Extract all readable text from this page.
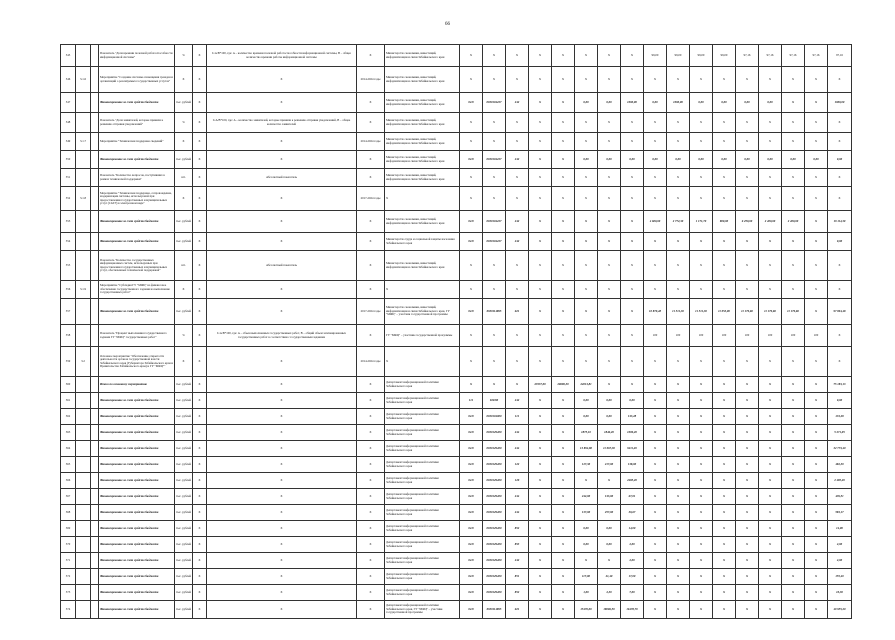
66
545			Показатель "Доля времени полезной работоспособности информационной системы"	%	X	I=A/B*100, где: A – количество времени полезной работоспособности информационной системы, B – общее количество времени работы информационной системы	X	Министерство экономики, инвестиций, информатизации и связи Забайкальского края	X	X	X	X	X	X	X	X	99,00	99,00	99,00	99,00	97,16	97,16	97,16	97,16	97,16
546	3.1.6		Мероприятие "Создание системы оповещения граждан и организаций о реализуемых государственных услугах"	X	X	X	2014-2024 годы	Министерство экономики, инвестиций, информатизации и связи Забайкальского края	X	X	X	X	X	X	X	X	X	X	X	X	X	X	X	X	X
547			Финансирование за счет средств бюджета	тыс. рублей	X	X	X	Министерство экономики, инвестиций, информатизации и связи Забайкальского края	04/0	0930104227	242	X	X	0,00	0,00	1000,00	0,00	1000,00	0,00	0,00	0,00	0,00	X	X	1000,00
548			Показатель "Доля заявителей, которые приняли к решению отправки уведомлений"	%	X	I=A/B*100, где: A – количество заявителей, которые приняли к решению отправки уведомлений, B – общее количество заявителей	X	Министерство экономики, инвестиций, информатизации и связи Забайкальского края	X	X	X	X	X	X	X	X	X	X	X	X	X	X	X	X	X
549	3.1.7		Мероприятие "Техническая поддержка сведений"	X	X	X	2014-2024 годы	Министерство экономики, инвестиций, информатизации и связи Забайкальского края	X	X	X	X	X	X	X	X	X	X	X	X	X	X	X	X	X
550			Финансирование за счет средств бюджета	тыс. рублей	X	X	X	Министерство экономики, инвестиций, информатизации и связи Забайкальского края	04/0	0930104227	242	X	X	0,00	0,00	0,00	0,00	0,00	0,00	0,00	0,00	0,00	0,00	0,00	0,00
551			Показатель "Количество вопросов, поступивших в рамках технической поддержки"	шт.	X	Абсолютный показатель	X	Министерство экономики, инвестиций, информатизации и связи Забайкальского края	X	X	X	X	X	X	X	X	X	X	X	X	X	X	X	X	X
552	3.1.8		Мероприятие "Техническая поддержка, сопровождение, модернизация системы, используемой при предоставлении государственных и муниципальных услуг (САТЭ) в электронном виде"	X	X	X	2017-2024 годы	X	X	X	X	X	X	X	X	X	X	X	X	X	X	X	X	X	X
553			Финансирование за счет средств бюджета	тыс. рублей	X	X	X	Министерство экономики, инвестиций, информатизации и связи Забайкальского края	04/0	0930104227	242	X	X	X	X	X	4 600,00	2 772,30	1 171,70	800,00	6 250,00	2 400,00	2 400,00	X	19 114,30
554			Финансирование за счет средств бюджета	тыс. рублей	X	X	X	Министерство труда и социальной защиты населения Забайкальского края	04/0	0930104227	242	X	X	X	X	X	X	X	X	X	X	X	X	X	0,00
555			Показатель "Количество государственных информационных систем, используемых при предоставлении государственных и муниципальных услуг, обеспеченных технической поддержкой"	шт.	X	Абсолютный показатель	X	Министерство экономики, инвестиций, информатизации и связи Забайкальского края	X	X	X	X	X	X	X	X	X	X	X	X	X	X	X	X	X
556	3.1.9		Мероприятие "Субсидия ГУ "МФЦ" на финансовое обеспечение государственного задания на выполнение государственных работ"	X	X	X	X	X	X	X	X	X	X	X	X	X	X	X	X	X	X	X	X	X	X
557			Финансирование за счет средств бюджета	тыс. рублей	X	X	2017-2024 годы	Министерство экономики, инвестиций, информатизации и связи Забайкальского края, ГУ "МФЦ" – участник государственной программы	04/0	0930114895	621	X	X	X	X	X	10 870,48	11 511,30	11 511,30	11 053,00	11 179,60	11 179,60	11 179,60	X	97 894,48
558			Показатель "Процент выполнения государственного задания ГУ "МФЦ" государственных работ"	%	X	I=A/B*100, где: A – объем выполненных государственных работ, B – общий объем запланированных государственных работ в соответствии с государственным заданием	X	ГУ "МФЦ" – участник государственной программы	X	X	X	X	X	X	X	X	100	100	100	100	100	100	100	100	X
559	3.2		Основное мероприятие "Обеспечение открытости деятельности органов государственной власти Забайкальского края (Губернатора Забайкальского края и Правительства Забайкальского края) и ГУ "МФЦ""	X	X	X	2014-2024 годы	X	X	X	X	X	X	X	X	X	X	X	X	X	X	X	X	X	X
560			Итого по основному мероприятию	тыс. рублей	X	X	X	Департамент информационной политики Забайкальского края	X	X	X	23537,00	20690,30	24013,81	X	X	X	X	X	X	X	X	X	X	75 183,13
561			Финансирование за счет средств бюджета	тыс. рублей	X	X	X	Департамент информационной политики Забайкальского края	111	920/00	242	X	X	0,00	0,00	0,00	X	X	X	X	X	X	X	X	0,00
562			Финансирование за счет средств бюджета	тыс. рублей	X	X	X	Департамент информационной политики Забайкальского края	04/0	0930104000	111	X	X	0,00	0,00	133,28	X	X	X	X	X	X	X	X	133,28
563			Финансирование за счет средств бюджета	тыс. рублей	X	X	X	Департамент информационной политики Забайкальского края	04/0	0930129400	244	X	X	1875,10	1846,20	1009,20	X	X	X	X	X	X	X	X	5 271,05
564			Финансирование за счет средств бюджета	тыс. рублей	X	X	X	Департамент информационной политики Забайкальского края	04/0	0930129400	244	X	X	13 894,80	11 067,30	9211,20	X	X	X	X	X	X	X	X	32 773,40
565			Финансирование за счет средств бюджета	тыс. рублей	X	X	X	Департамент информационной политики Забайкальского края	04/0	0930129400	122	X	X	127,30	217,00	138,00	X	X	X	X	X	X	X	X	482,30
566			Финансирование за счет средств бюджета	тыс. рублей	X	X	X	Департамент информационной политики Забайкальского края	04/0	0930129400	129	X	X	X	X	2485,20	X	X	X	X	X	X	X	X	2 485,20
567			Финансирование за счет средств бюджета	тыс. рублей	X	X	X	Департамент информационной политики Забайкальского края	04/0	0930129400	244	X	X	242,00	133,00	67,01	X	X	X	X	X	X	X	X	439,51
568			Финансирование за счет средств бюджета	тыс. рублей	X	X	X	Департамент информационной политики Забайкальского края	04/0	0930129400	244	X	X	137,00	257,00	30,67	X	X	X	X	X	X	X	X	583,17
569			Финансирование за счет средств бюджета	тыс. рублей	X	X	X	Департамент информационной политики Забайкальского края	04/0	0930129400	852	X	X	0,00	0,00	14,00	X	X	X	X	X	X	X	X	14,00
570			Финансирование за счет средств бюджета	тыс. рублей	X	X	X	Департамент информационной политики Забайкальского края	04/0	0930129400	853	X	X	0,00	0,00	2,00	X	X	X	X	X	X	X	X	2,00
571			Финансирование за счет средств бюджета	тыс. рублей	X	X	X	Департамент информационной политики Забайкальского края	04/0	0930129400	242	X	X	X	X	2,00	X	X	X	X	X	X	X	X	2,00
572			Финансирование за счет средств бюджета	тыс. рублей	X	X	X	Департамент информационной политики Забайкальского края	04/0	0930129400	851	X	X	117,00	21,40	17,00	X	X	X	X	X	X	X	X	155,40
573			Финансирование за счет средств бюджета	тыс. рублей	X	X	X	Департамент информационной политики Забайкальского края	04/0	0930129400	852	X	X	1,00	2,30	7,00	X	X	X	X	X	X	X	X	10,30
574			Финансирование за счет средств бюджета	тыс. рублей	X	X	X	Департамент информационной политики Забайкальского края, ГУ "МФЦ" – участник государственной программы	04/0	0930114895	621	X	X	15470,00	18006,50	16478,70	X	X	X	X	X	X	X	X	49 955,20
